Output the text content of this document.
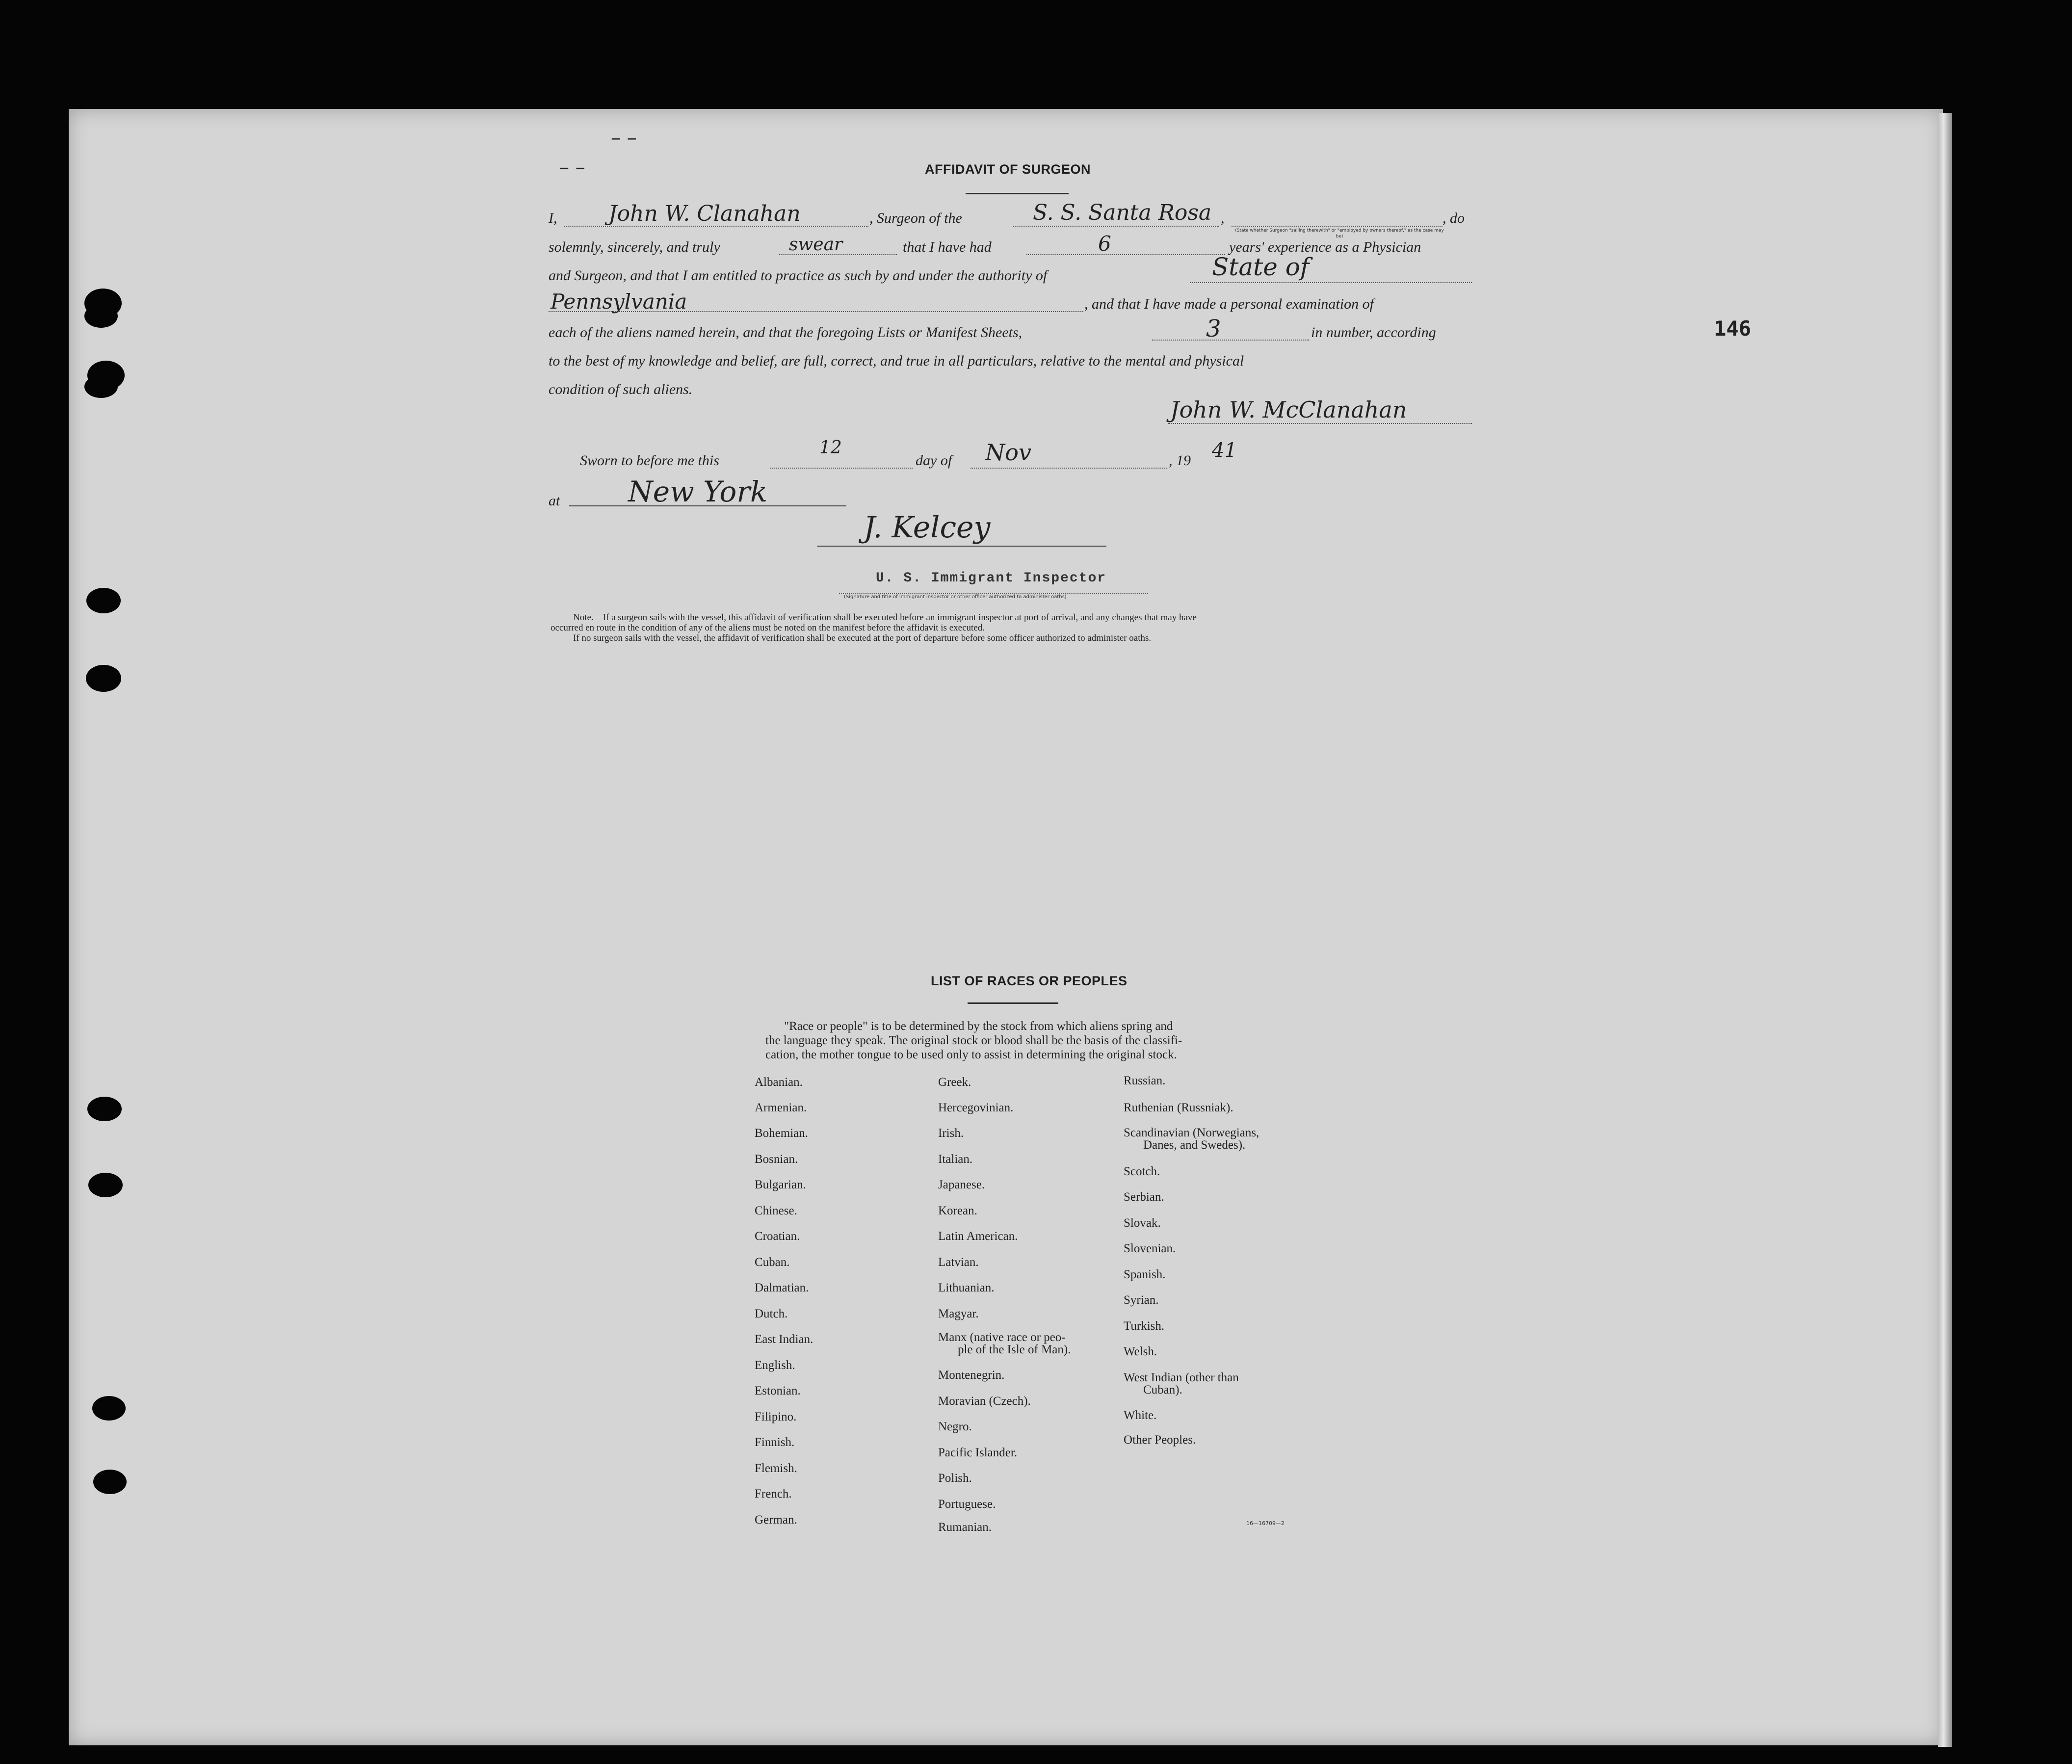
– –
– –
146
AFFIDAVIT OF SURGEON
I, John W. Clanahan	, Surgeon of the	S. S. Santa Rosa ,
(State whether Surgeon "sailing therewith" or "employed by owners thereof," as the case may be)
, do
solemnly, sincerely, and truly	swear	that I have had	6	years' experience as a Physician
and Surgeon, and that I am entitled to practice as such by and under the authority of	State of
Pennsylvania	, and that I have made a personal examination of
each of the aliens named herein, and that the foregoing Lists or Manifest Sheets,	3	in number, according
to the best of my knowledge and belief, are full, correct, and true in all particulars, relative to the mental and physical
condition of such aliens.
John W. McClanahan
Sworn to before me this
12
day of Nov	, 19 41
at New York
J. Kelcey
U. S. Immigrant Inspector
(Signature and title of immigrant inspector or other officer authorized to administer oaths)
Note.—If a surgeon sails with the vessel, this affidavit of verification shall be executed before an immigrant inspector at port of arrival, and any changes that may have
occurred en route in the condition of any of the aliens must be noted on the manifest before the affidavit is executed.
If no surgeon sails with the vessel, the affidavit of verification shall be executed at the port of departure before some officer authorized to administer oaths.
LIST OF RACES OR PEOPLES
"Race or people" is to be determined by the stock from which aliens spring and
the language they speak. The original stock or blood shall be the basis of the classifi-
cation, the mother tongue to be used only to assist in determining the original stock.
Albanian.
Armenian.
Bohemian.
Bosnian.
Bulgarian.
Chinese.
Croatian.
Cuban.
Dalmatian.
Dutch.
East Indian.
English.
Estonian.
Filipino.
Finnish.
Flemish.
French.
German.
Greek.
Hercegovinian.
Irish.
Italian.
Japanese.
Korean.
Latin American.
Latvian.
Lithuanian.
Magyar.
Manx (native race or peo-
ple of the Isle of Man).
Montenegrin.
Moravian (Czech).
Negro.
Pacific Islander.
Polish.
Portuguese.
Rumanian.
Russian.
Ruthenian (Russniak).
Scandinavian (Norwegians,
Danes, and Swedes).
Scotch.
Serbian.
Slovak.
Slovenian.
Spanish.
Syrian.
Turkish.
Welsh.
West Indian (other than
Cuban).
White.
Other Peoples.
16—16709—2
